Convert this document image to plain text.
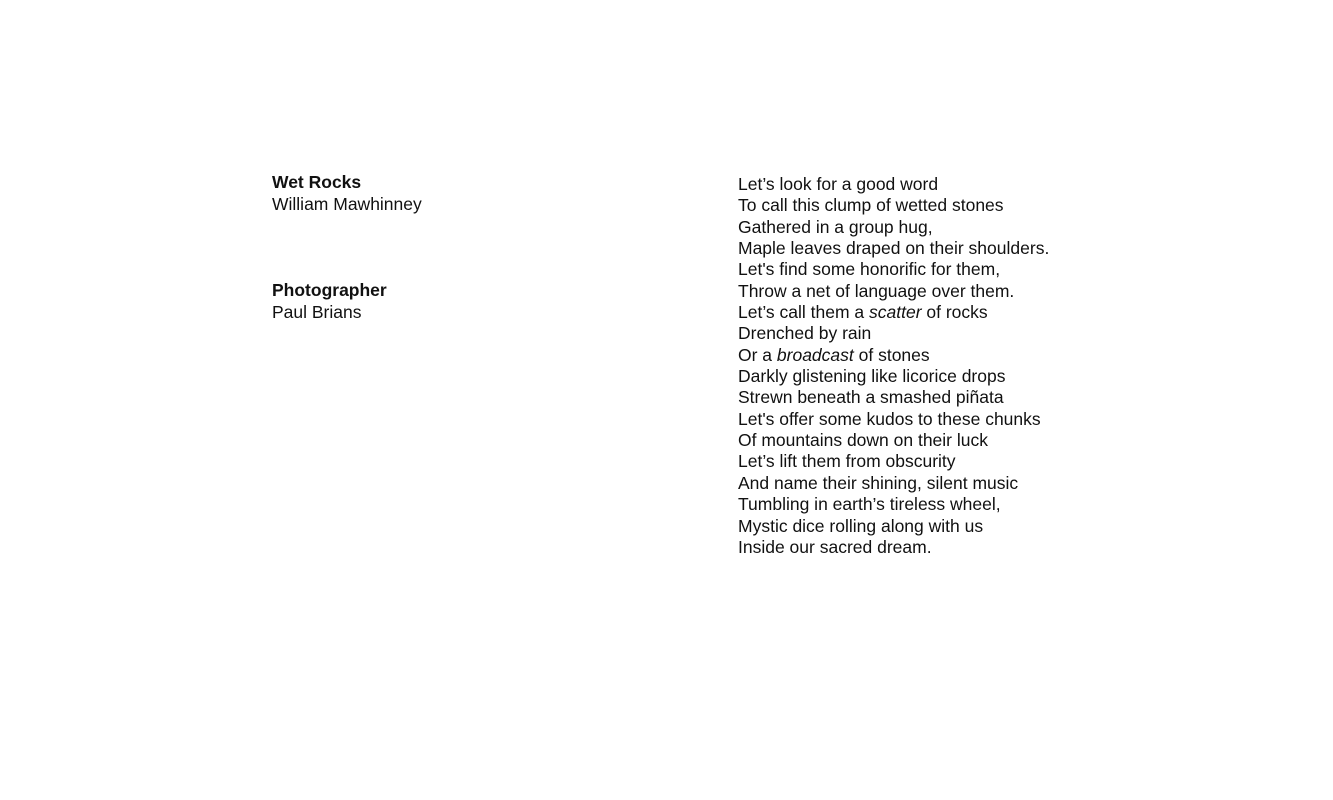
Wet Rocks
William Mawhinney
Photographer
Paul Brians
Let’s look for a good word
To call this clump of wetted stones
Gathered in a group hug,
Maple leaves draped on their shoulders.
Let's find some honorific for them,
Throw a net of language over them.
Let’s call them a scatter of rocks
Drenched by rain
Or a broadcast of stones
Darkly glistening like licorice drops
Strewn beneath a smashed piñata
Let's offer some kudos to these chunks
Of mountains down on their luck
Let’s lift them from obscurity
And name their shining, silent music
Tumbling in earth’s tireless wheel,
Mystic dice rolling along with us
Inside our sacred dream.
